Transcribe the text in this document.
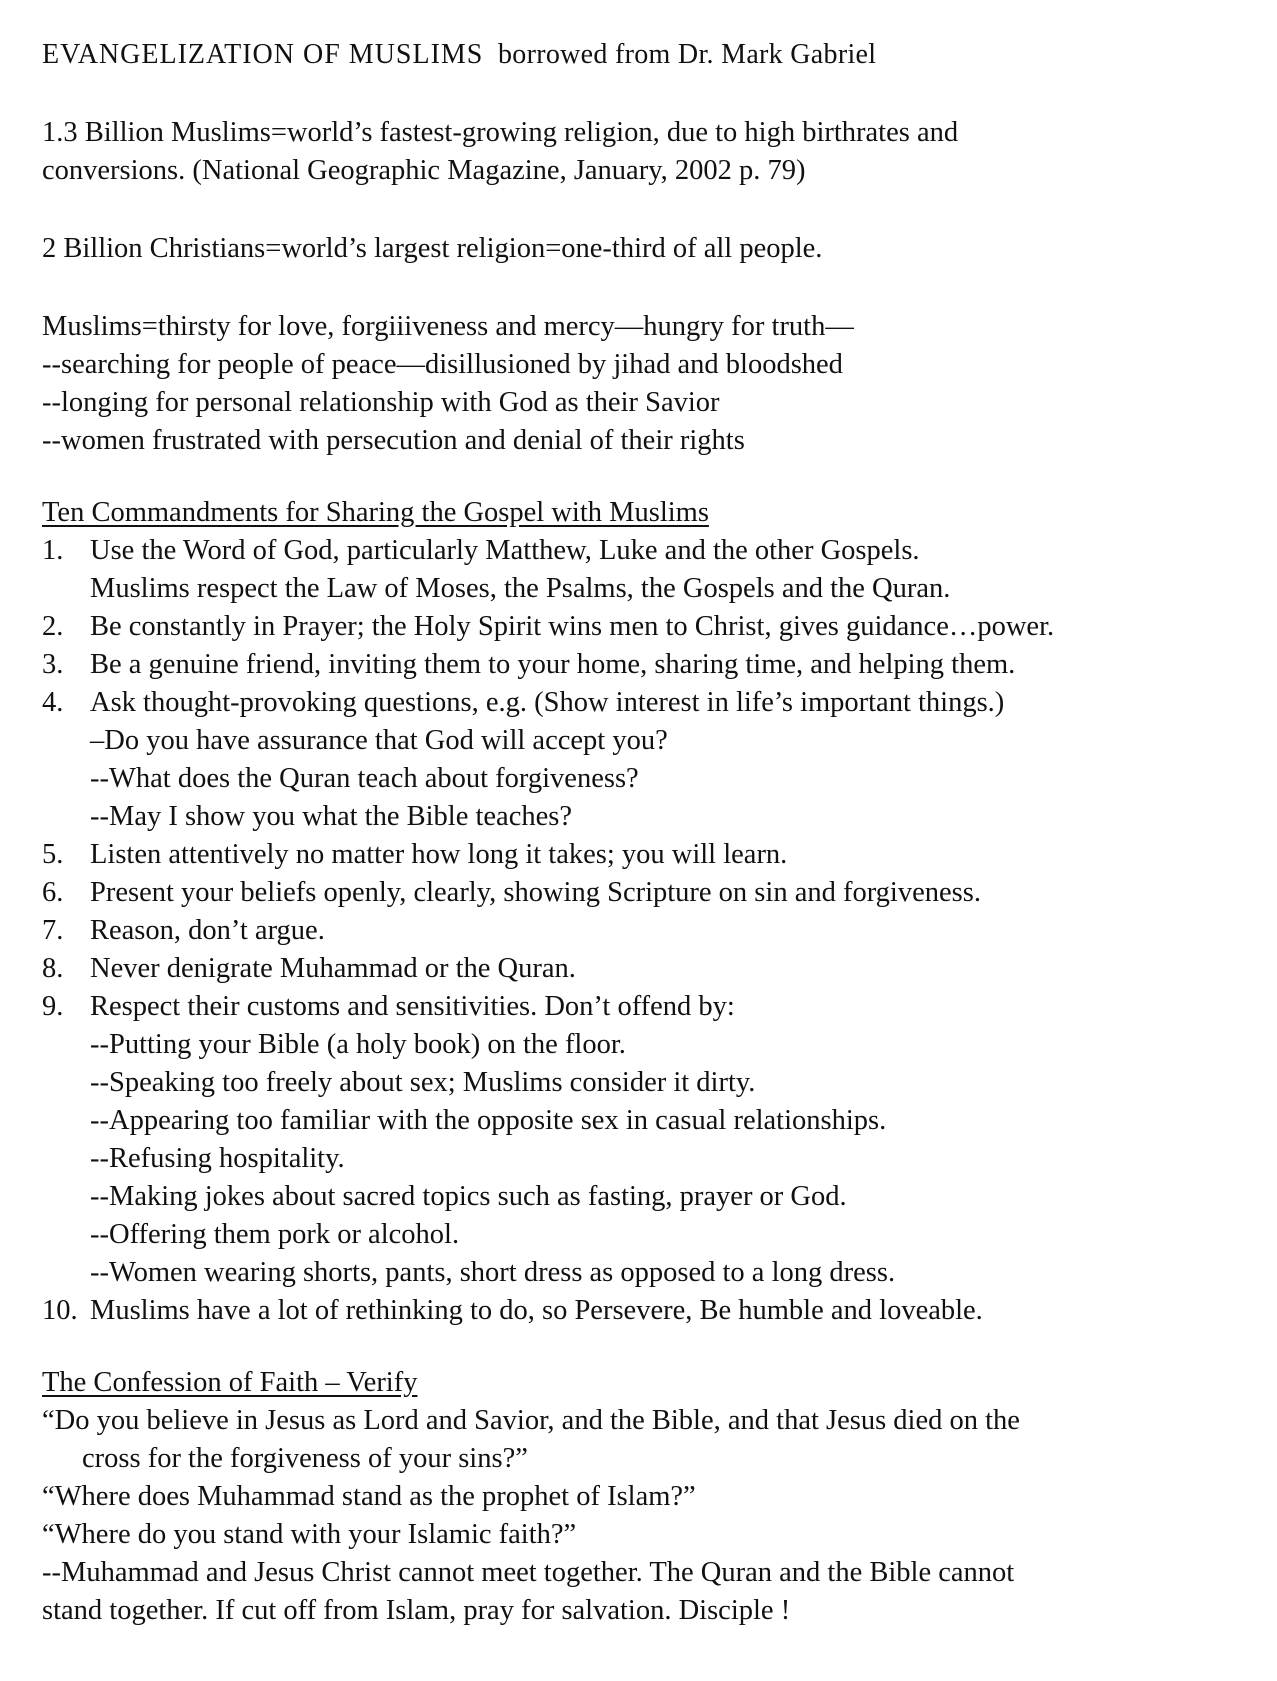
EVANGELIZATION OF MUSLIMS borrowed from Dr. Mark Gabriel
1.3 Billion Muslims=world’s fastest-growing religion, due to high birthrates and
conversions. (National Geographic Magazine, January, 2002 p. 79)
2 Billion Christians=world’s largest religion=one-third of all people.
Muslims=thirsty for love, forgiiiveness and mercy—hungry for truth—
--searching for people of peace—disillusioned by jihad and bloodshed
--longing for personal relationship with God as their Savior
--women frustrated with persecution and denial of their rights
Ten Commandments for Sharing the Gospel with Muslims
1. Use the Word of God, particularly Matthew, Luke and the other Gospels.
Muslims respect the Law of Moses, the Psalms, the Gospels and the Quran.
2. Be constantly in Prayer; the Holy Spirit wins men to Christ, gives guidance…power.
3. Be a genuine friend, inviting them to your home, sharing time, and helping them.
4. Ask thought-provoking questions, e.g. (Show interest in life’s important things.)
–Do you have assurance that God will accept you?
--What does the Quran teach about forgiveness?
--May I show you what the Bible teaches?
5. Listen attentively no matter how long it takes; you will learn.
6. Present your beliefs openly, clearly, showing Scripture on sin and forgiveness.
7. Reason, don’t argue.
8. Never denigrate Muhammad or the Quran.
9. Respect their customs and sensitivities. Don’t offend by:
--Putting your Bible (a holy book) on the floor.
--Speaking too freely about sex; Muslims consider it dirty.
--Appearing too familiar with the opposite sex in casual relationships.
--Refusing hospitality.
--Making jokes about sacred topics such as fasting, prayer or God.
--Offering them pork or alcohol.
--Women wearing shorts, pants, short dress as opposed to a long dress.
10. Muslims have a lot of rethinking to do, so Persevere, Be humble and loveable.
The Confession of Faith – Verify
“Do you believe in Jesus as Lord and Savior, and the Bible, and that Jesus died on the
cross for the forgiveness of your sins?”
“Where does Muhammad stand as the prophet of Islam?”
“Where do you stand with your Islamic faith?”
--Muhammad and Jesus Christ cannot meet together. The Quran and the Bible cannot
stand together. If cut off from Islam, pray for salvation. Disciple !
